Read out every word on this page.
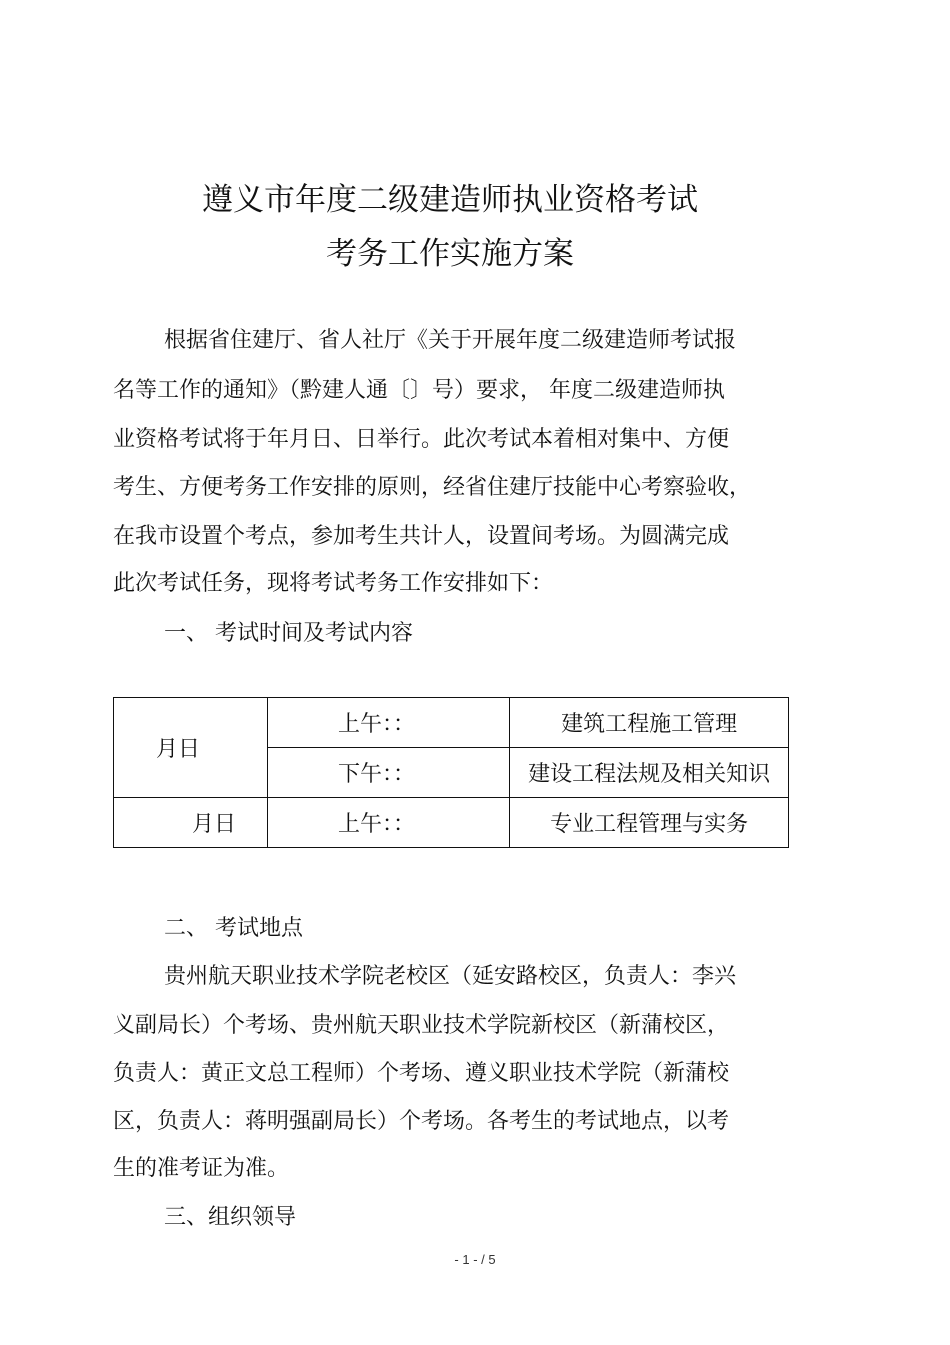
遵义市年度二级建造师执业资格考试
考务工作实施方案
根据省住建厅、省人社厅《关于开展年度二级建造师考试报
名等工作的通知》（黔建人通〔〕号）要求， 年度二级建造师执
业资格考试将于年月日、日举行。此次考试本着相对集中、方便
考生、方便考务工作安排的原则，经省住建厅技能中心考察验收，
在我市设置个考点，参加考生共计人，设置间考场。为圆满完成
此次考试任务，现将考试考务工作安排如下：
一、 考试时间及考试内容
月日	上午：：	建筑工程施工管理
	下午：：	建设工程法规及相关知识
月日	上午：：	专业工程管理与实务
二、 考试地点
贵州航天职业技术学院老校区（延安路校区，负责人：李兴
义副局长）个考场、贵州航天职业技术学院新校区（新蒲校区，
负责人：黄正文总工程师）个考场、遵义职业技术学院（新蒲校
区，负责人：蒋明强副局长）个考场。各考生的考试地点，以考
生的准考证为准。
三、组织领导
- 1 - / 5
